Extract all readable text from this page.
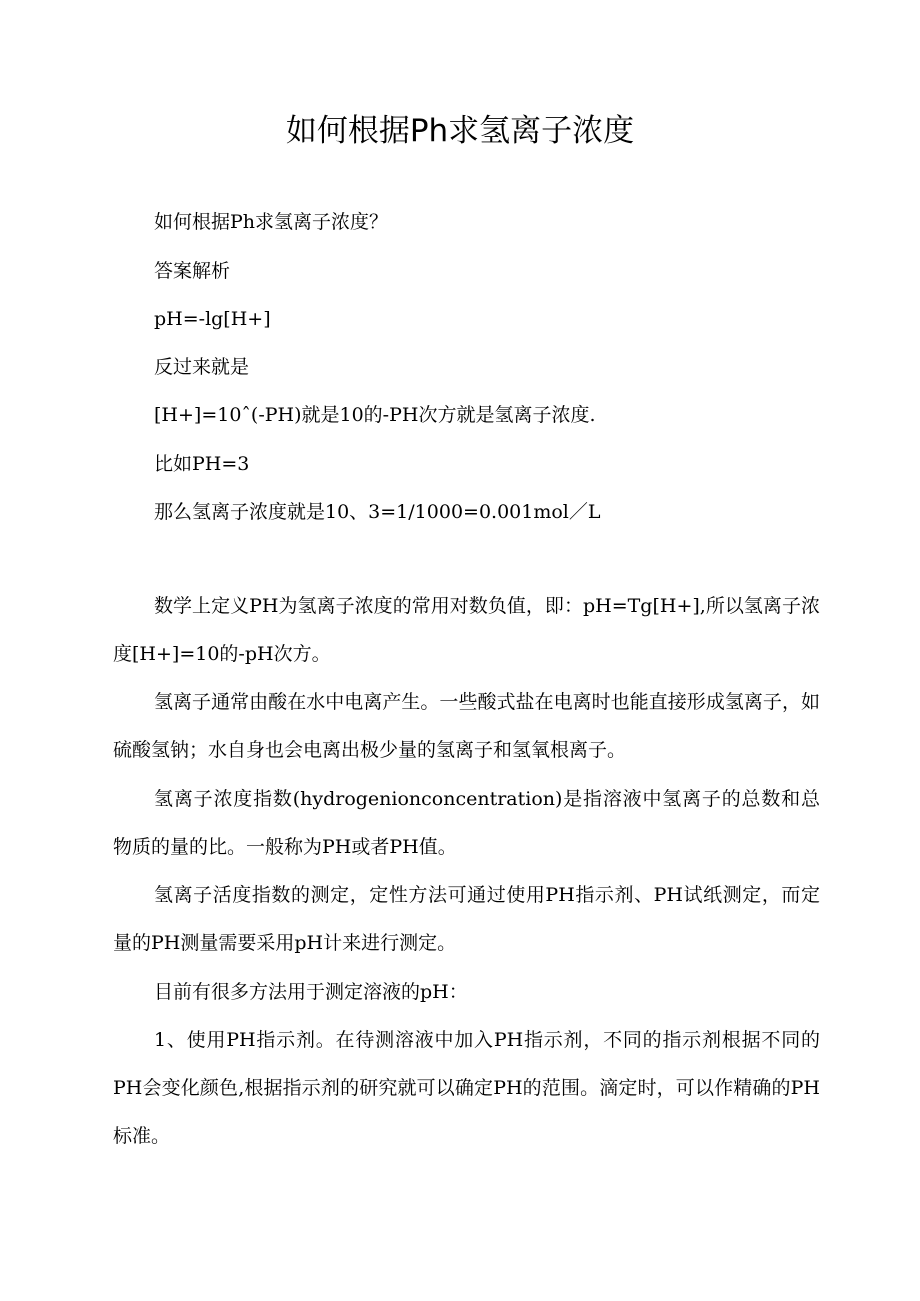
如何根据Ph求氢离子浓度

如何根据Ph求氢离子浓度？

答案解析

pH=-lg[H+]

反过来就是

[H+]=10ˆ(-PH)就是10的-PH次方就是氢离子浓度.

比如PH=3

那么氢离子浓度就是10、3=1/1000=0.001mol／L

数学上定义PH为氢离子浓度的常用对数负值，即：pH=Tg[H+],所以氢离子浓度[H+]=10的-pH次方。

氢离子通常由酸在水中电离产生。一些酸式盐在电离时也能直接形成氢离子，如硫酸氢钠；水自身也会电离出极少量的氢离子和氢氧根离子。

氢离子浓度指数(hydrogenionconcentration)是指溶液中氢离子的总数和总物质的量的比。一般称为PH或者PH值。

氢离子活度指数的测定，定性方法可通过使用PH指示剂、PH试纸测定，而定量的PH测量需要采用pH计来进行测定。

目前有很多方法用于测定溶液的pH：

1、使用PH指示剂。在待测溶液中加入PH指示剂，不同的指示剂根据不同的PH会变化颜色,根据指示剂的研究就可以确定PH的范围。滴定时，可以作精确的PH标准。
